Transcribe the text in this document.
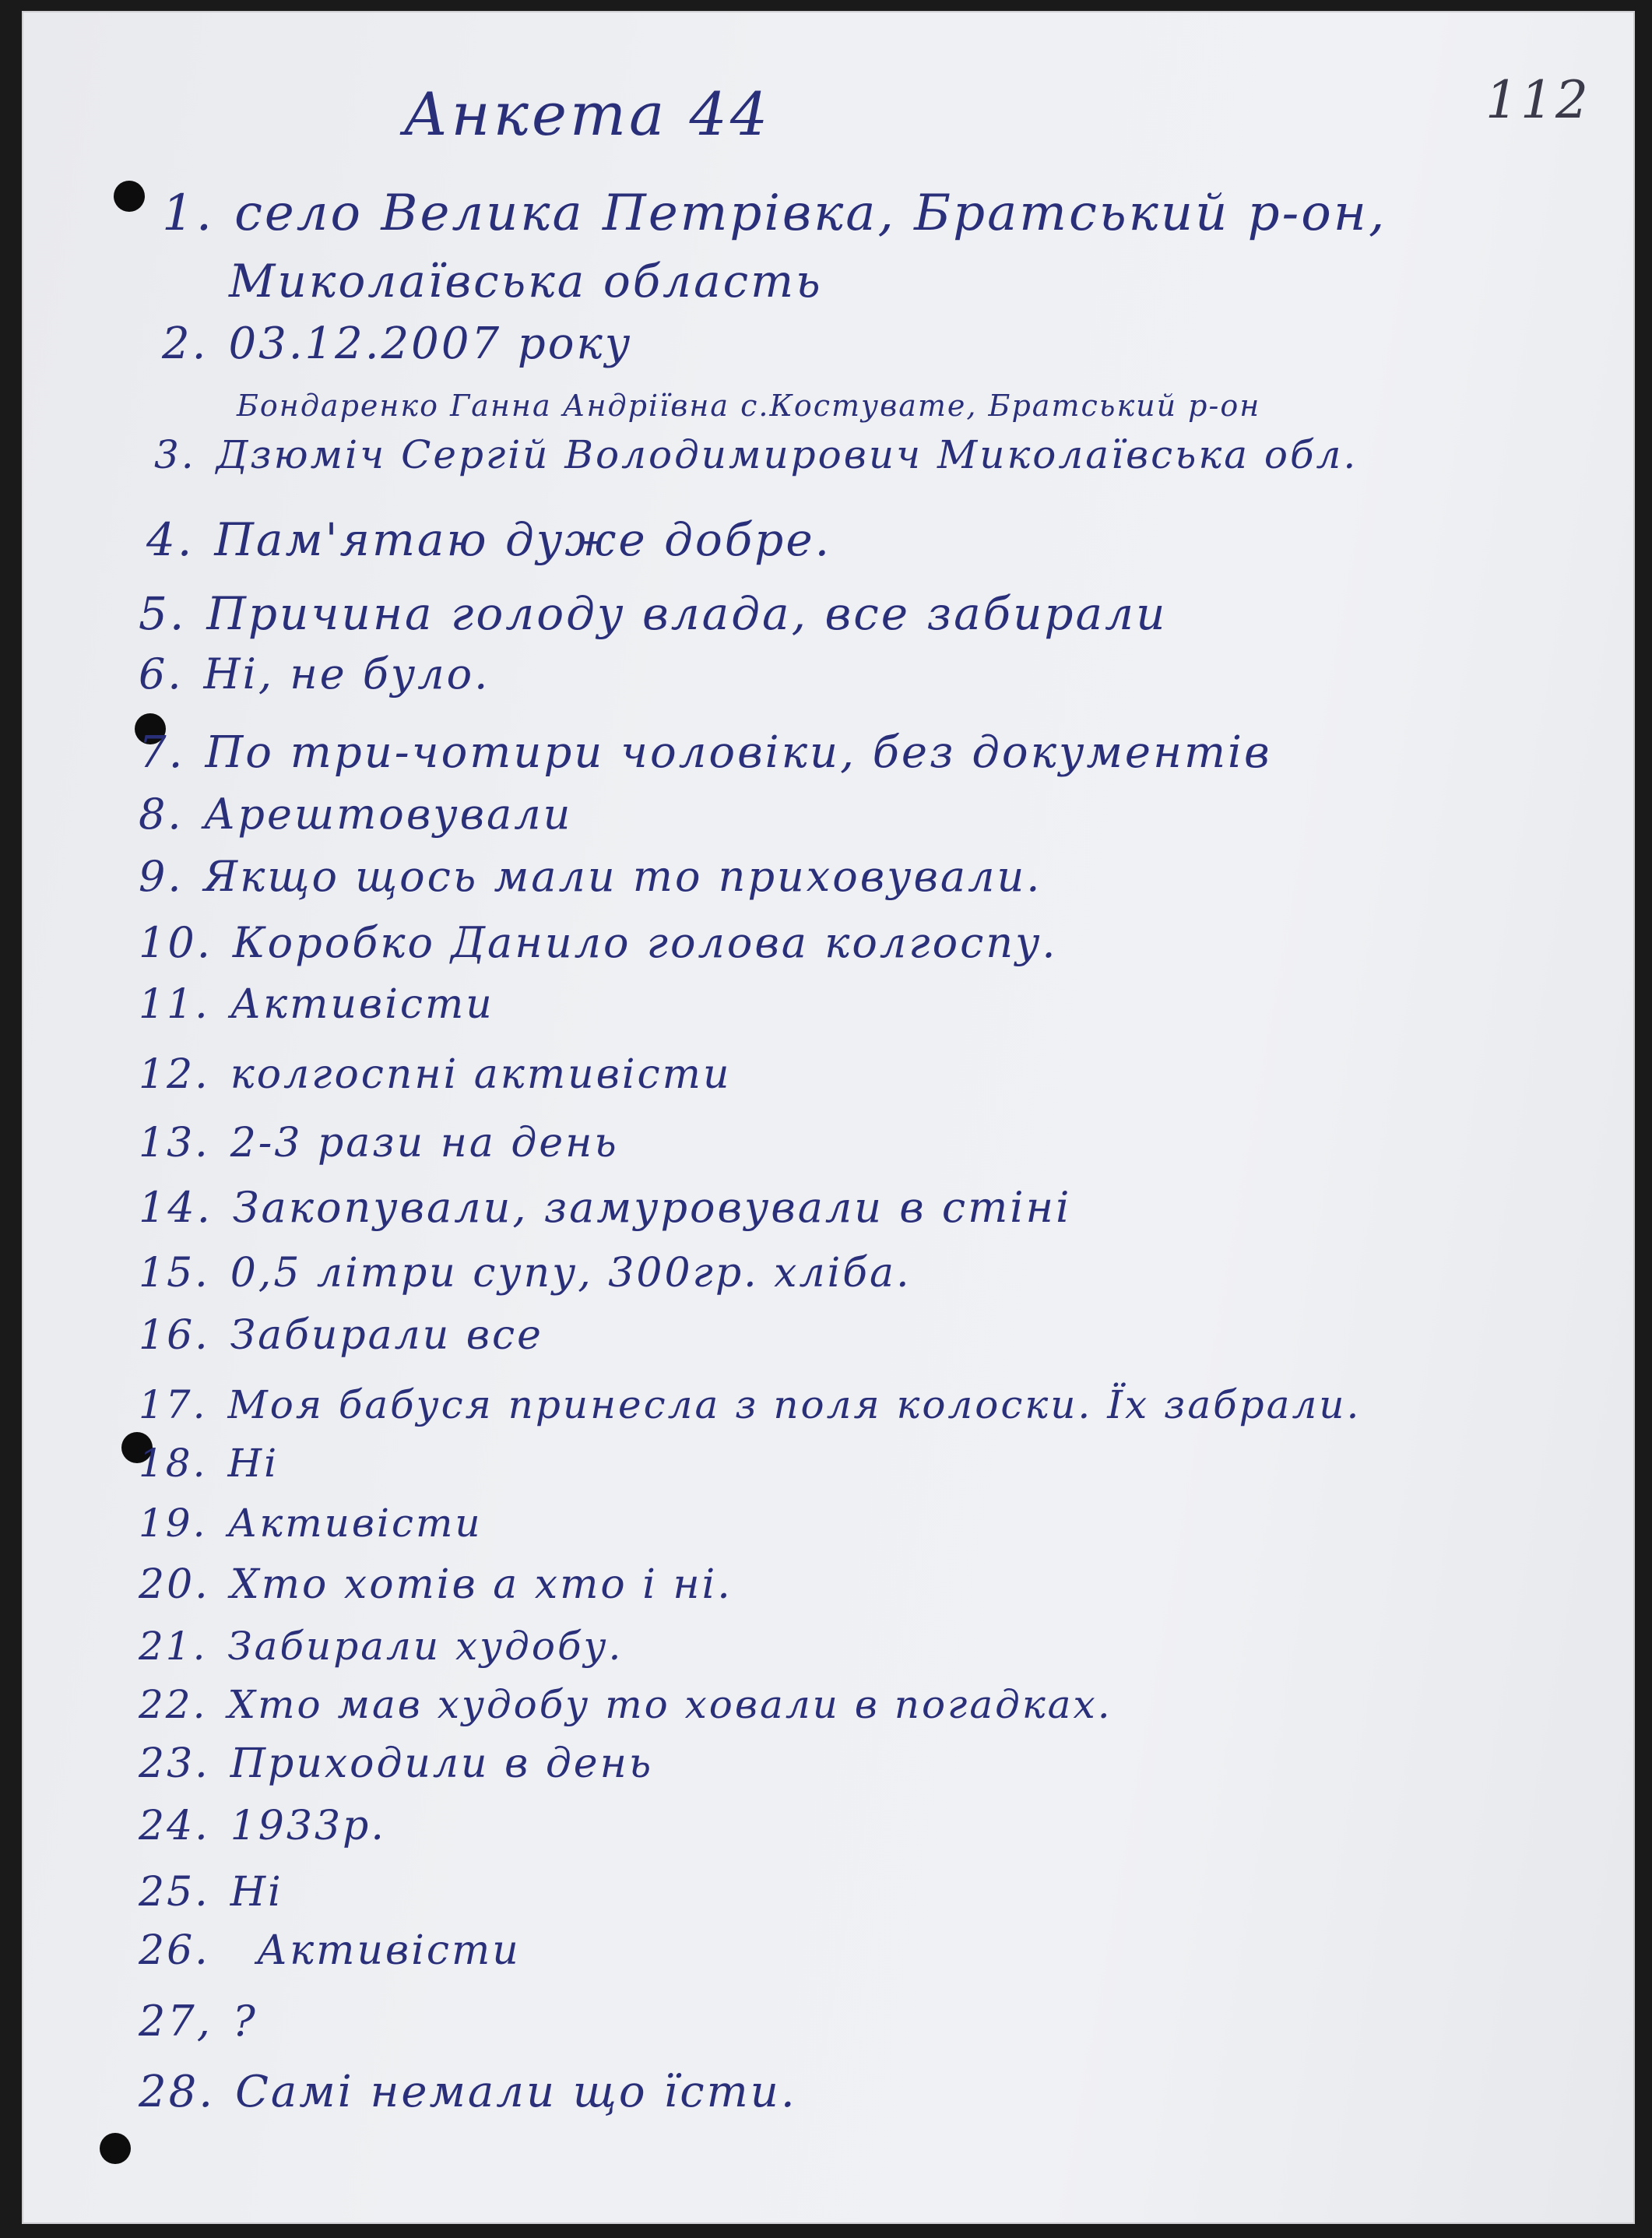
Анкета 44	112
1. село Велика Петрівка, Братський р-он,
Миколаївська область
2. 03.12.2007 року
Бондаренко Ганна Андріївна с.Костувате, Братський р-он
3. Дзюміч Сергій Володимирович Миколаївська обл.
4. Пам'ятаю дуже добре.
5. Причина голоду влада, все забирали
6. Ні, не було.
7. По три-чотири чоловіки, без документів
8. Арештовували
9. Якщо щось мали то приховували.
10. Коробко Данило голова колгоспу.
11. Активісти
12. колгоспні активісти
13. 2-3 рази на день
14. Закопували, замуровували в стіні
15. 0,5 літри супу, 300гр. хліба.
16. Забирали все
17. Моя бабуся принесла з поля колоски. Їх забрали.
18. Ні
19. Активісти
20. Хто хотів а хто і ні.
21. Забирали худобу.
22. Хто мав худобу то ховали в погадках.
23. Приходили в день
24. 1933р.
25. Ні
26. Активісти
27, ?
28. Самі немали що їсти.
